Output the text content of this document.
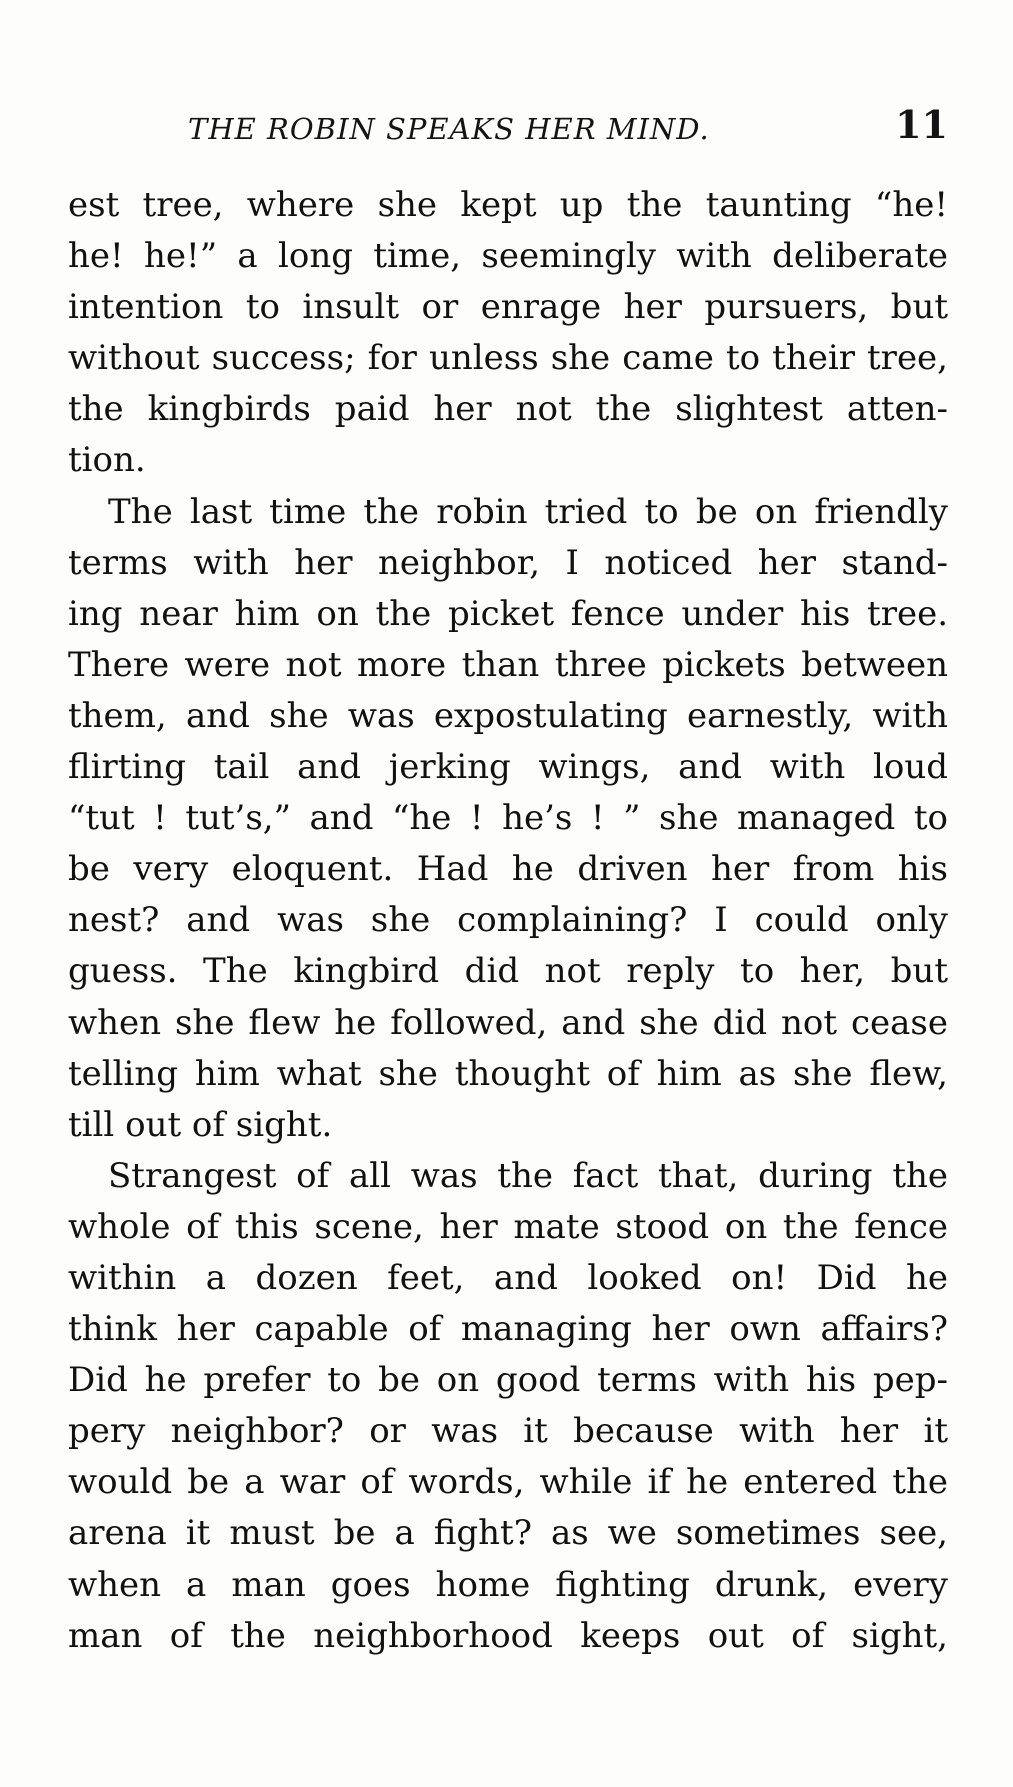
THE ROBIN SPEAKS HER MIND.	11
est tree, where she kept up the taunting “he!
he! he!” a long time, seemingly with deliberate
intention to insult or enrage her pursuers, but
without success; for unless she came to their tree,
the kingbirds paid her not the slightest atten-
tion.
The last time the robin tried to be on friendly
terms with her neighbor, I noticed her stand-
ing near him on the picket fence under his tree.
There were not more than three pickets between
them, and she was expostulating earnestly, with
flirting tail and jerking wings, and with loud
“tut ! tut’s,” and “he ! he’s ! ” she managed to
be very eloquent. Had he driven her from his
nest? and was she complaining? I could only
guess. The kingbird did not reply to her, but
when she flew he followed, and she did not cease
telling him what she thought of him as she flew,
till out of sight.
Strangest of all was the fact that, during the
whole of this scene, her mate stood on the fence
within a dozen feet, and looked on! Did he
think her capable of managing her own affairs?
Did he prefer to be on good terms with his pep-
pery neighbor? or was it because with her it
would be a war of words, while if he entered the
arena it must be a fight? as we sometimes see,
when a man goes home fighting drunk, every
man of the neighborhood keeps out of sight,
